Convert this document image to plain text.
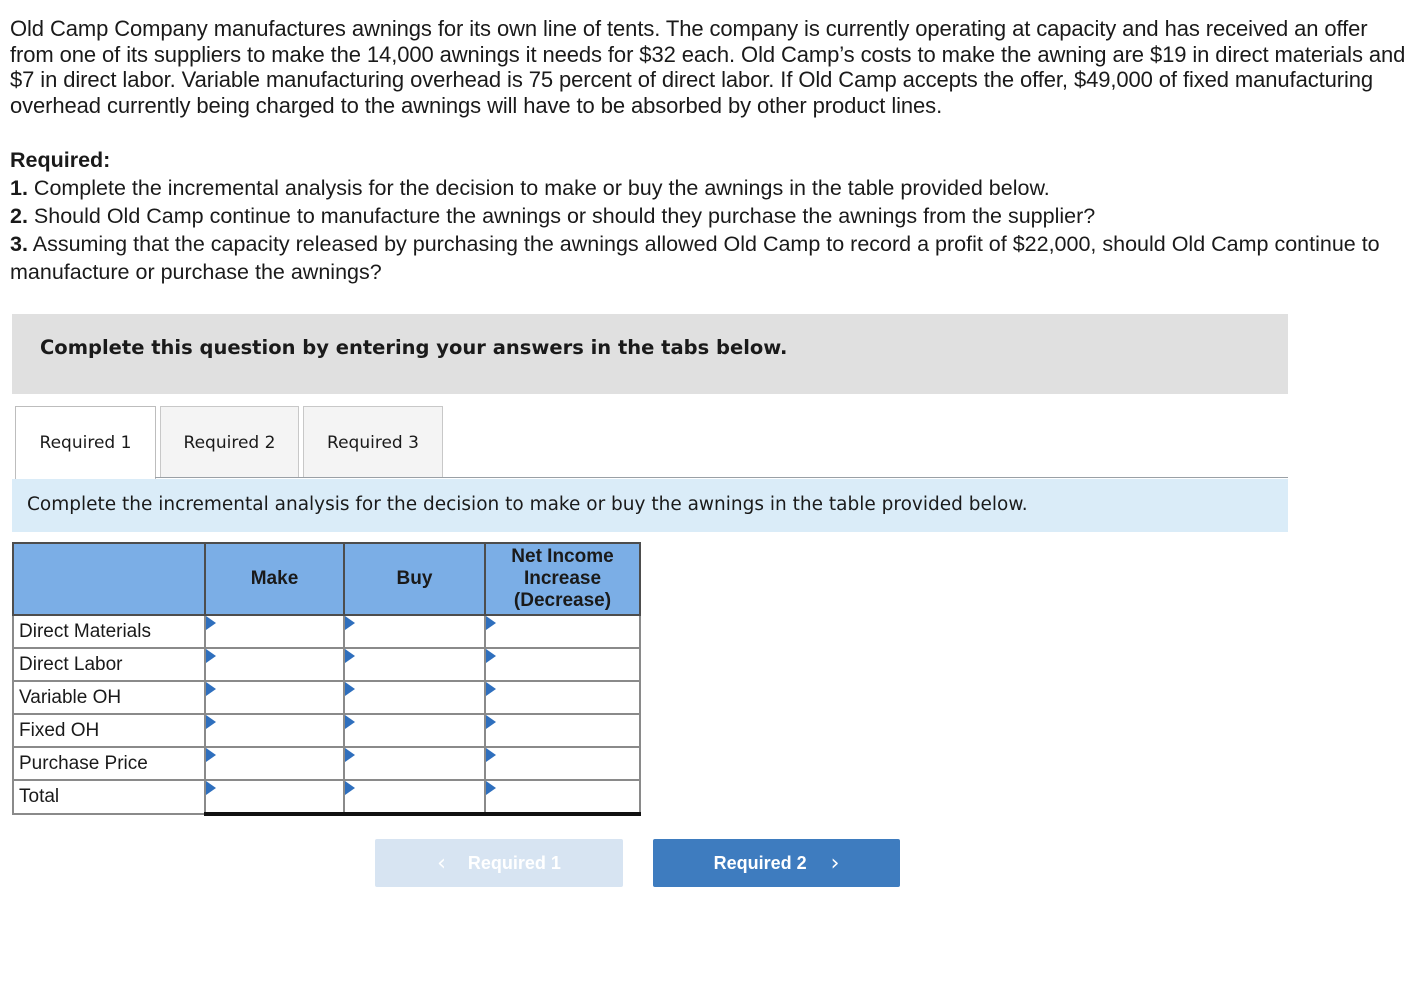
Old Camp Company manufactures awnings for its own line of tents. The company is currently operating at capacity and has received an offer from one of its suppliers to make the 14,000 awnings it needs for $32 each. Old Camp’s costs to make the awning are $19 in direct materials and $7 in direct labor. Variable manufacturing overhead is 75 percent of direct labor. If Old Camp accepts the offer, $49,000 of fixed manufacturing overhead currently being charged to the awnings will have to be absorbed by other product lines.
Required:
1. Complete the incremental analysis for the decision to make or buy the awnings in the table provided below.
2. Should Old Camp continue to manufacture the awnings or should they purchase the awnings from the supplier?
3. Assuming that the capacity released by purchasing the awnings allowed Old Camp to record a profit of $22,000, should Old Camp continue to manufacture or purchase the awnings?
Complete this question by entering your answers in the tabs below.
Required 1	Required 2	Required 3
Complete the incremental analysis for the decision to make or buy the awnings in the table provided below.
	Make	Buy	Net Income Increase (Decrease)

Direct Materials	

Direct Labor	

Variable OH	

Fixed OH	

Purchase Price	

Total	

‹ Required 1	Required 2 ›
